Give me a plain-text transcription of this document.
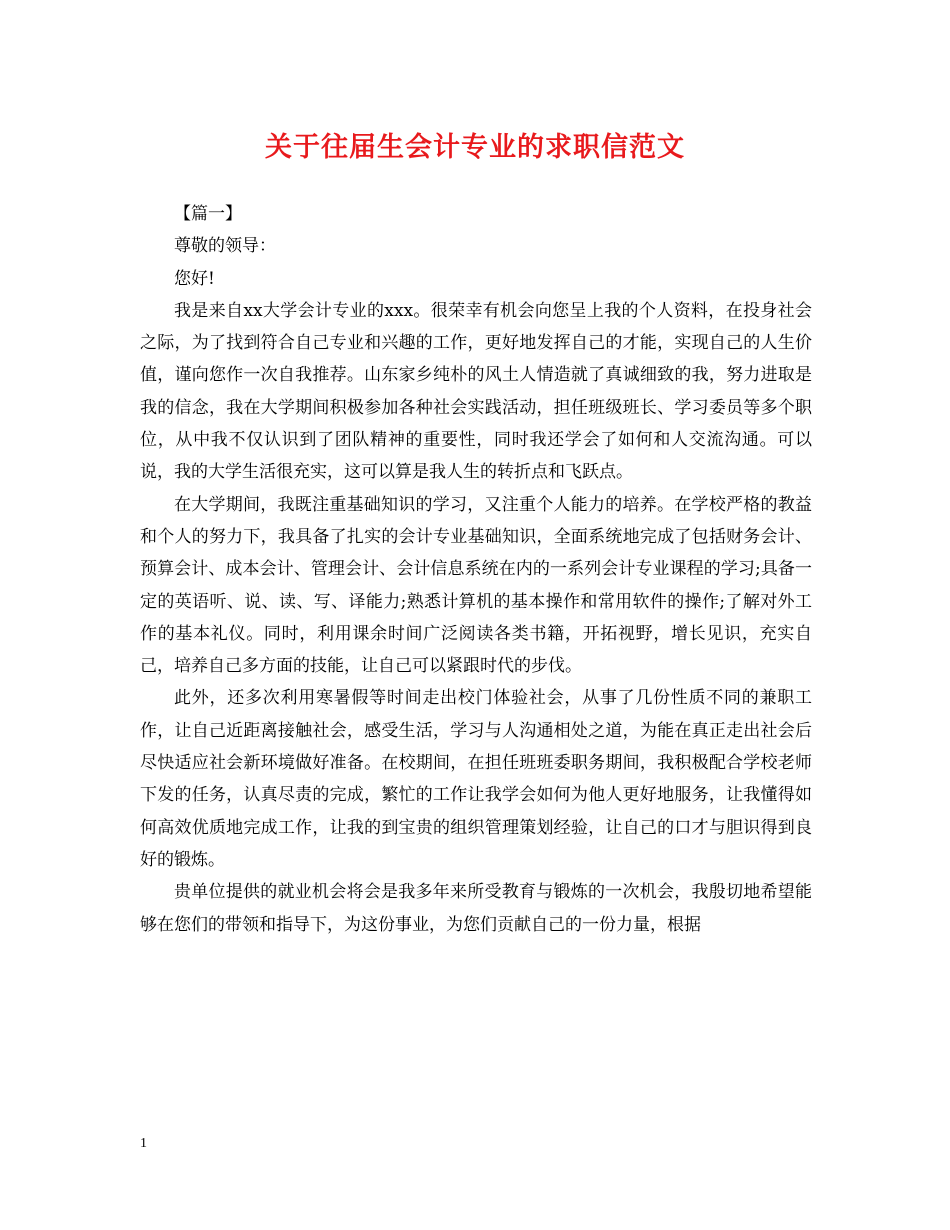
关于往届生会计专业的求职信范文

【篇一】

尊敬的领导：

您好!

我是来自xx大学会计专业的xxx。很荣幸有机会向您呈上我的个人资料，在投身社会之际，为了找到符合自己专业和兴趣的工作，更好地发挥自己的才能，实现自己的人生价值，谨向您作一次自我推荐。山东家乡纯朴的风土人情造就了真诚细致的我，努力进取是我的信念，我在大学期间积极参加各种社会实践活动，担任班级班长、学习委员等多个职位，从中我不仅认识到了团队精神的重要性，同时我还学会了如何和人交流沟通。可以说，我的大学生活很充实，这可以算是我人生的转折点和飞跃点。

在大学期间，我既注重基础知识的学习，又注重个人能力的培养。在学校严格的教益和个人的努力下，我具备了扎实的会计专业基础知识，全面系统地完成了包括财务会计、预算会计、成本会计、管理会计、会计信息系统在内的一系列会计专业课程的学习;具备一定的英语听、说、读、写、译能力;熟悉计算机的基本操作和常用软件的操作;了解对外工作的基本礼仪。同时，利用课余时间广泛阅读各类书籍，开拓视野，增长见识，充实自己，培养自己多方面的技能，让自己可以紧跟时代的步伐。

此外，还多次利用寒暑假等时间走出校门体验社会，从事了几份性质不同的兼职工作，让自己近距离接触社会，感受生活，学习与人沟通相处之道，为能在真正走出社会后尽快适应社会新环境做好准备。在校期间，在担任班班委职务期间，我积极配合学校老师下发的任务，认真尽责的完成，繁忙的工作让我学会如何为他人更好地服务，让我懂得如何高效优质地完成工作，让我的到宝贵的组织管理策划经验，让自己的口才与胆识得到良好的锻炼。

贵单位提供的就业机会将会是我多年来所受教育与锻炼的一次机会，我殷切地希望能够在您们的带领和指导下，为这份事业，为您们贡献自己的一份力量，根据

1
